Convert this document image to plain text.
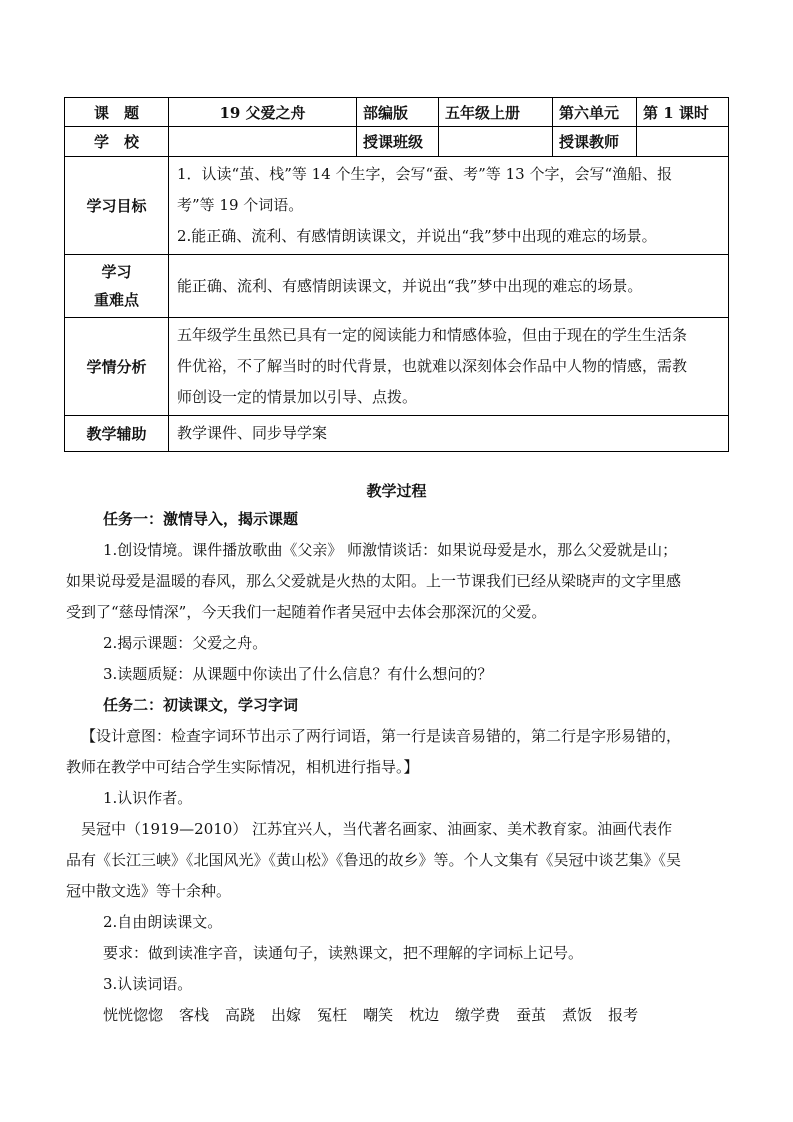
课　题	19 父爱之舟	部编版	五年级上册	第六单元	第 1 课时
学　校		授课班级		授课教师	
学习目标	1．认读“茧、栈”等 14 个生字，会写“蚕、考”等 13 个字，会写“渔船、报
考”等 19 个词语。
2.能正确、流利、有感情朗读课文，并说出“我”梦中出现的难忘的场景。				

学习
重难点	能正确、流利、有感情朗读课文，并说出“我”梦中出现的难忘的场景。				
学情分析	五年级学生虽然已具有一定的阅读能力和情感体验，但由于现在的学生生活条
件优裕，不了解当时的时代背景，也就难以深刻体会作品中人物的情感，需教
师创设一定的情景加以引导、点拨。				

教学辅助	教学课件、同步导学案				
教学过程

任务一：激情导入，揭示课题

1.创设情境。课件播放歌曲《父亲》 师激情谈话：如果说母爱是水，那么父爱就是山；

如果说母爱是温暖的春风，那么父爱就是火热的太阳。上一节课我们已经从梁晓声的文字里感

受到了“慈母情深”，今天我们一起随着作者吴冠中去体会那深沉的父爱。

2.揭示课题：父爱之舟。

3.读题质疑：从课题中你读出了什么信息？有什么想问的？

任务二：初读课文，学习字词

【设计意图：检查字词环节出示了两行词语，第一行是读音易错的，第二行是字形易错的，

教师在教学中可结合学生实际情况，相机进行指导。】

1.认识作者。

吴冠中（1919—2010） 江苏宜兴人，当代著名画家、油画家、美术教育家。油画代表作

品有《长江三峡》《北国风光》《黄山松》《鲁迅的故乡》等。个人文集有《吴冠中谈艺集》《吴

冠中散文选》等十余种。

2.自由朗读课文。

要求：做到读准字音，读通句子，读熟课文，把不理解的字词标上记号。

3.认读词语。

恍恍惚惚 客栈 高跷 出嫁 冤枉 嘲笑 枕边 缴学费 蚕茧 煮饭 报考
